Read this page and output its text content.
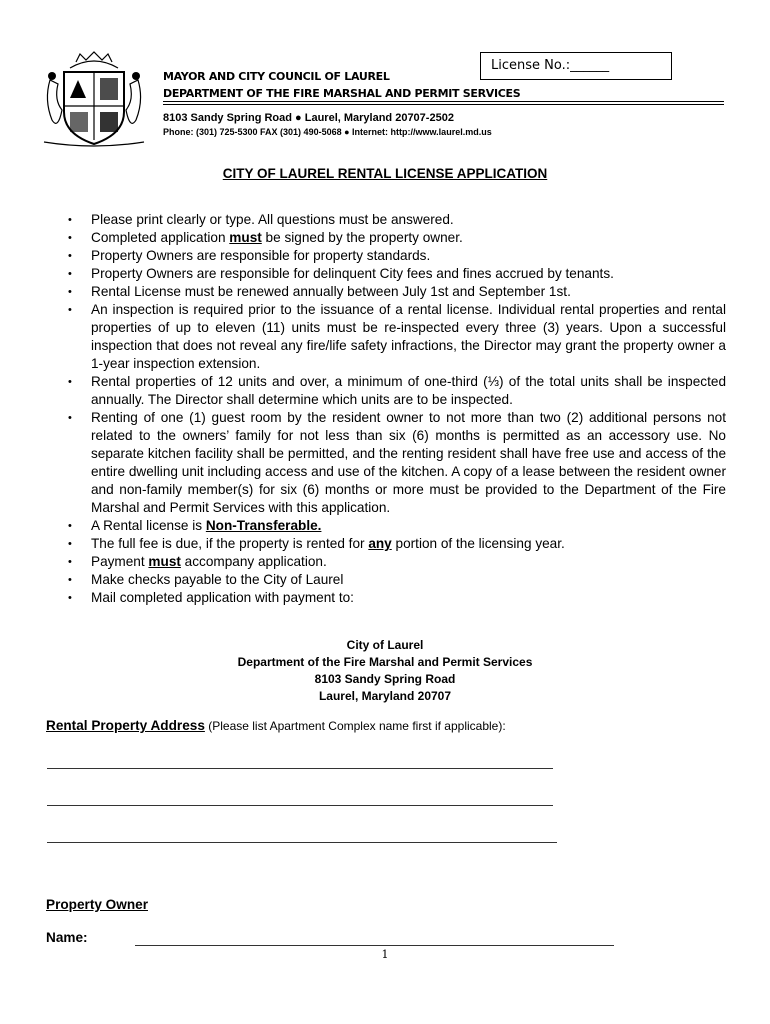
License No.:______
MAYOR AND CITY COUNCIL OF LAUREL
DEPARTMENT OF THE FIRE MARSHAL AND PERMIT SERVICES
8103 Sandy Spring Road ● Laurel, Maryland 20707-2502
Phone: (301) 725-5300 FAX (301) 490-5068 ● Internet: http://www.laurel.md.us
CITY OF LAUREL RENTAL LICENSE APPLICATION
• Please print clearly or type. All questions must be answered.
• Completed application must be signed by the property owner.
• Property Owners are responsible for property standards.
• Property Owners are responsible for delinquent City fees and fines accrued by tenants.
• Rental License must be renewed annually between July 1st and September 1st.
• An inspection is required prior to the issuance of a rental license. Individual rental properties and rental properties of up to eleven (11) units must be re-inspected every three (3) years. Upon a successful inspection that does not reveal any fire/life safety infractions, the Director may grant the property owner a 1-year inspection extension.
• Rental properties of 12 units and over, a minimum of one-third (⅓) of the total units shall be inspected annually. The Director shall determine which units are to be inspected.
• Renting of one (1) guest room by the resident owner to not more than two (2) additional persons not related to the owners’ family for not less than six (6) months is permitted as an accessory use. No separate kitchen facility shall be permitted, and the renting resident shall have free use and access of the entire dwelling unit including access and use of the kitchen. A copy of a lease between the resident owner and non-family member(s) for six (6) months or more must be provided to the Department of the Fire Marshal and Permit Services with this application.
• A Rental license is Non-Transferable.
• The full fee is due, if the property is rented for any portion of the licensing year.
• Payment must accompany application.
• Make checks payable to the City of Laurel
• Mail completed application with payment to:
City of Laurel
Department of the Fire Marshal and Permit Services
8103 Sandy Spring Road
Laurel, Maryland 20707
Rental Property Address (Please list Apartment Complex name first if applicable):
Property Owner
Name:
1
